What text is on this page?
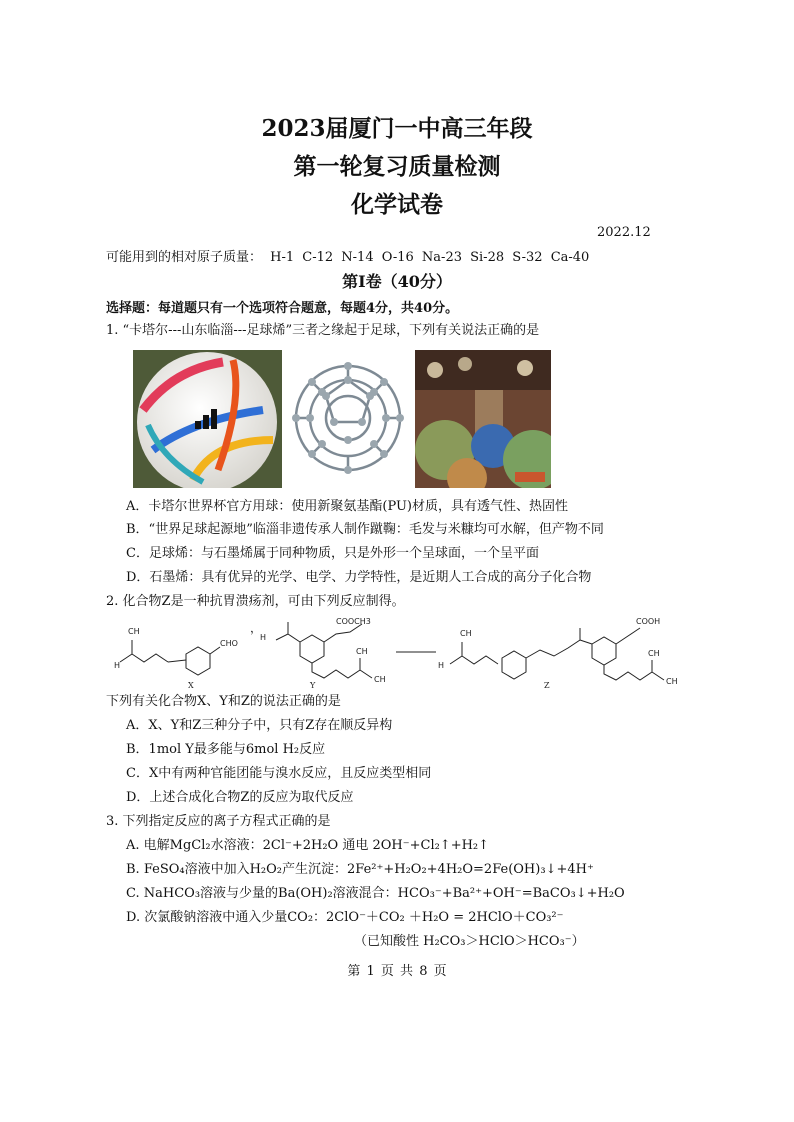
2023届厦门一中高三年段
第一轮复习质量检测
化学试卷
2022.12
可能用到的相对原子质量： H-1 C-12 N-14 O-16 Na-23 Si-28 S-32 Ca-40
第Ⅰ卷（40分）
选择题：每道题只有一个选项符合题意，每题4分，共40分。
1. “卡塔尔---山东临淄---足球烯”三者之缘起于足球，下列有关说法正确的是
A．卡塔尔世界杯官方用球：使用新聚氨基酯(PU)材质，具有透气性、热固性
B．“世界足球起源地”临淄非遗传承人制作蹴鞠：毛发与米糠均可水解，但产物不同
C．足球烯：与石墨烯属于同种物质，只是外形一个呈球面，一个呈平面
D．石墨烯：具有优异的光学、电学、力学特性，是近期人工合成的高分子化合物
2. 化合物Z是一种抗胃溃疡剂，可由下列反应制得。
H
CH
CHO
，
H
COOCH3
CH
CH
CH
H
COOH
CH
CH
X	Y	Z
下列有关化合物X、Y和Z的说法正确的是
A．X、Y和Z三种分子中，只有Z存在顺反异构
B．1mol Y最多能与6mol H₂反应
C．X中有两种官能团能与溴水反应，且反应类型相同
D．上述合成化合物Z的反应为取代反应
3. 下列指定反应的离子方程式正确的是
A. 电解MgCl₂水溶液：2Cl⁻+2H₂O 通电 2OH⁻+Cl₂↑+H₂↑
B. FeSO₄溶液中加入H₂O₂产生沉淀：2Fe²⁺+H₂O₂+4H₂O=2Fe(OH)₃↓+4H⁺
C. NaHCO₃溶液与少量的Ba(OH)₂溶液混合：HCO₃⁻+Ba²⁺+OH⁻=BaCO₃↓+H₂O
D. 次氯酸钠溶液中通入少量CO₂：2ClO⁻＋CO₂ ＋H₂O = 2HClO＋CO₃²⁻
（已知酸性 H₂CO₃＞HClO＞HCO₃⁻）
第 1 页 共 8 页
